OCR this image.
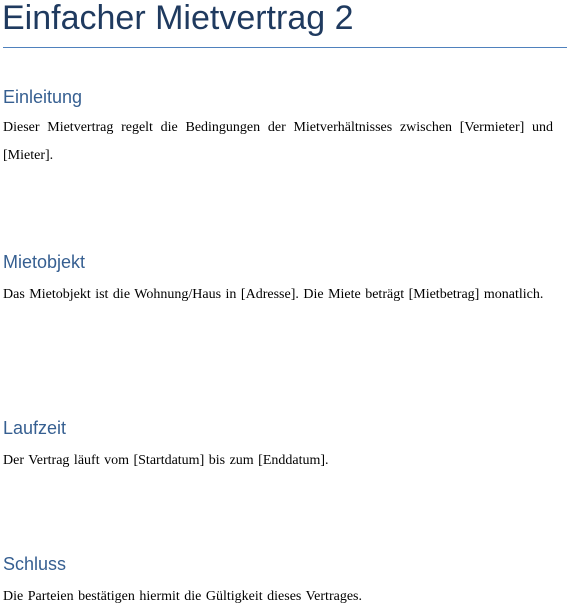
Einfacher Mietvertrag 2
Einleitung

Dieser Mietvertrag regelt die Bedingungen der Mietverhältnisses zwischen [Vermieter] und [Mieter].

Mietobjekt

Das Mietobjekt ist die Wohnung/Haus in [Adresse]. Die Miete beträgt [Mietbetrag] monatlich.

Laufzeit

Der Vertrag läuft vom [Startdatum] bis zum [Enddatum].

Schluss

Die Parteien bestätigen hiermit die Gültigkeit dieses Vertrages.
